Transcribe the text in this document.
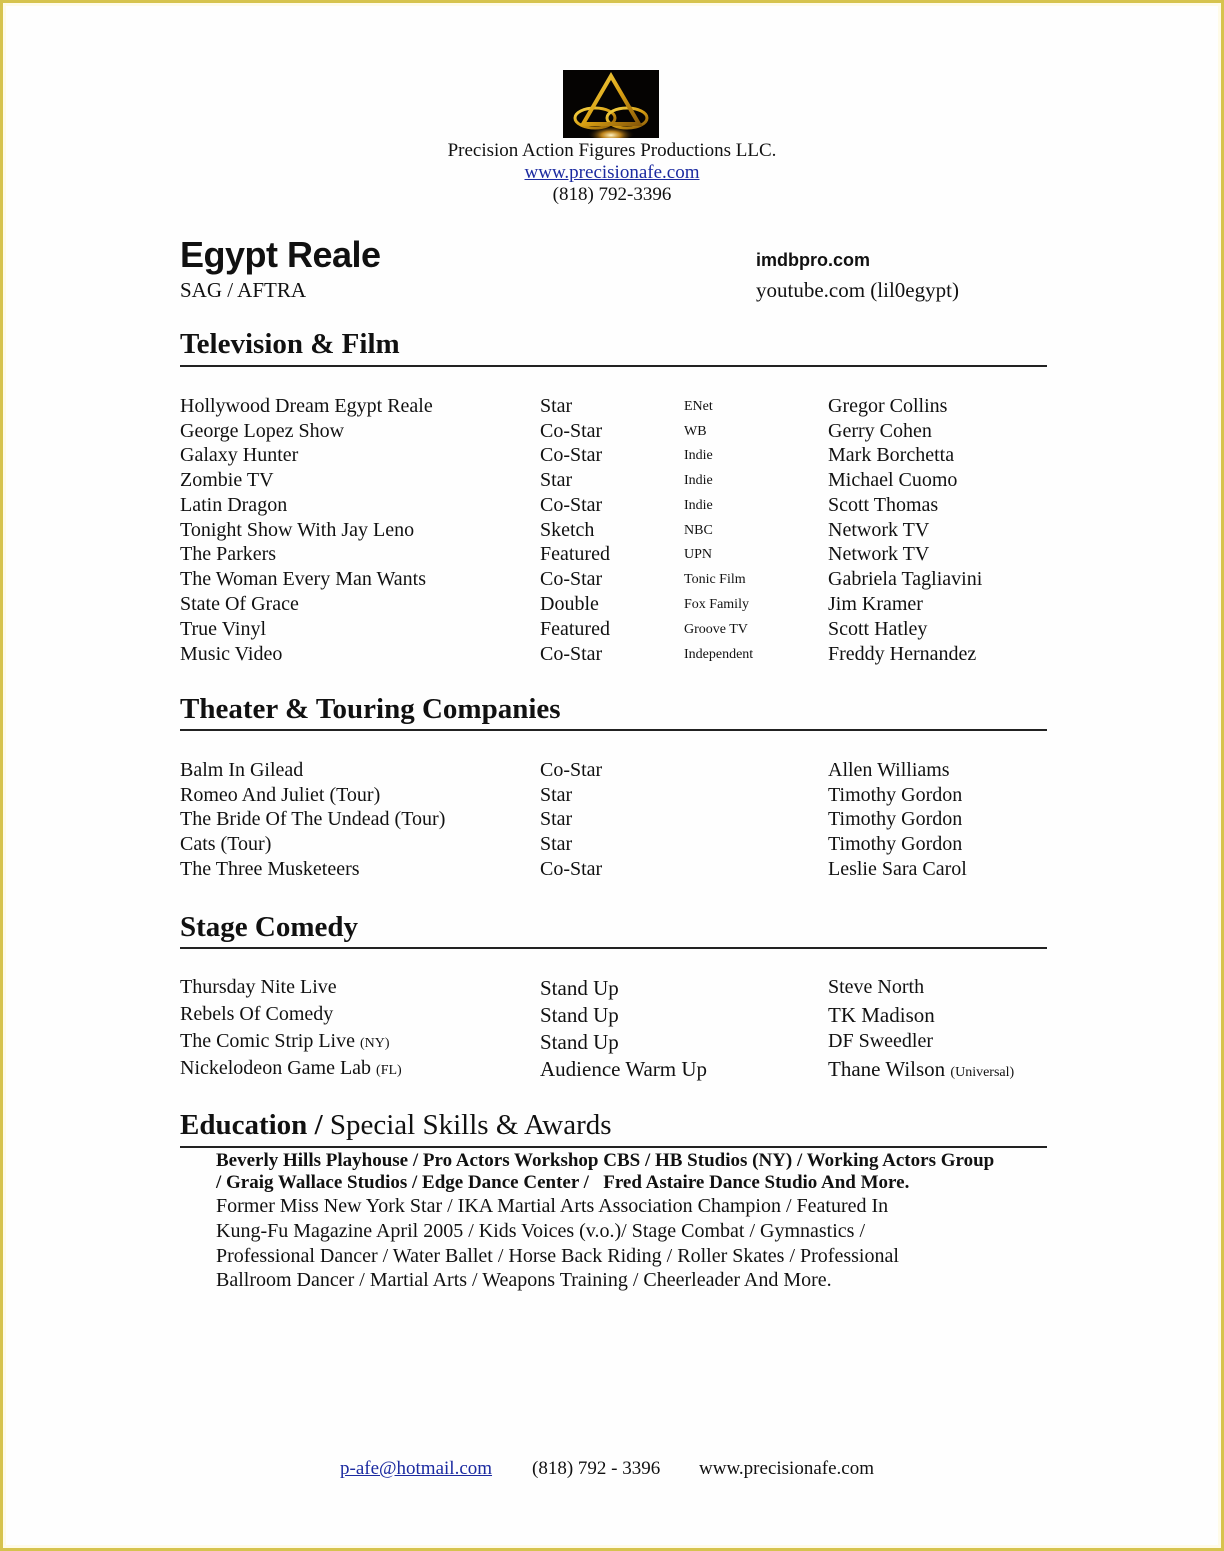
Precision Action Figures Productions LLC.
www.precisionafe.com
(818) 792-3396
Egypt Reale
SAG / AFTRA
imdbpro.com
youtube.com (lil0egypt)
Television & Film
Hollywood Dream Egypt Reale	Star	ENet	Gregor Collins
George Lopez Show	Co-Star	WB	Gerry Cohen
Galaxy Hunter	Co-Star	Indie	Mark Borchetta
Zombie TV	Star	Indie	Michael Cuomo
Latin Dragon	Co-Star	Indie	Scott Thomas
Tonight Show With Jay Leno	Sketch	NBC	Network TV
The Parkers	Featured	UPN	Network TV
The Woman Every Man Wants	Co-Star	Tonic Film	Gabriela Tagliavini
State Of Grace	Double	Fox Family	Jim Kramer
True Vinyl	Featured	Groove TV	Scott Hatley
Music Video	Co-Star	Independent	Freddy Hernandez
Theater & Touring Companies
Balm In Gilead	Co-Star	Allen Williams
Romeo And Juliet (Tour)	Star	Timothy Gordon
The Bride Of The Undead (Tour)	Star	Timothy Gordon
Cats (Tour)	Star	Timothy Gordon
The Three Musketeers	Co-Star	Leslie Sara Carol
Stage Comedy
Thursday Nite Live	Stand Up	Steve North
Rebels Of Comedy	Stand Up	TK Madison
The Comic Strip Live (NY)	Stand Up	DF Sweedler
Nickelodeon Game Lab (FL)	Audience Warm Up	Thane Wilson (Universal)
Education / Special Skills & Awards
Beverly Hills Playhouse / Pro Actors Workshop CBS / HB Studios (NY) / Working Actors Group
/ Graig Wallace Studios / Edge Dance Center /   Fred Astaire Dance Studio And More.
Former Miss New York Star / IKA Martial Arts Association Champion / Featured In
Kung-Fu Magazine April 2005 / Kids Voices (v.o.)/ Stage Combat / Gymnastics /
Professional Dancer / Water Ballet / Horse Back Riding / Roller Skates / Professional
Ballroom Dancer / Martial Arts / Weapons Training / Cheerleader And More.
p-afe@hotmail.com (818) 792 - 3396 www.precisionafe.com
